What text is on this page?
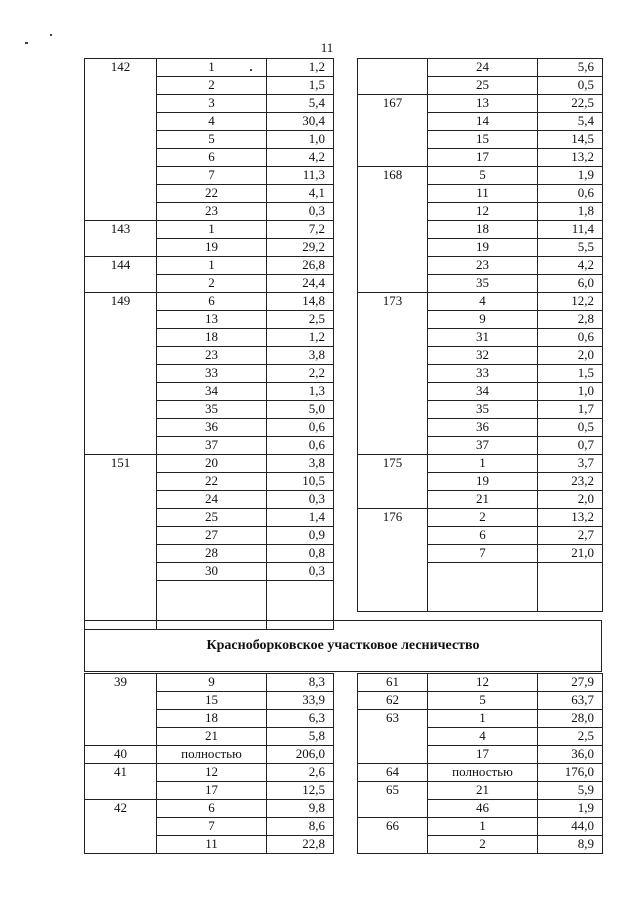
11
142	1	1,2
	2	1,5
	3	5,4
	4	30,4
	5	1,0
	6	4,2
	7	11,3
	22	4,1
	23	0,3
143	1	7,2
	19	29,2
144	1	26,8
	2	24,4
149	6	14,8
	13	2,5
	18	1,2
	23	3,8
	33	2,2
	34	1,3
	35	5,0
	36	0,6
	37	0,6
151	20	3,8
	22	10,5
	24	0,3
	25	1,4
	27	0,9
	28	0,8
	30	0,3

	24	5,6
	25	0,5
167	13	22,5
	14	5,4
	15	14,5
	17	13,2
168	5	1,9
	11	0,6
	12	1,8
	18	11,4
	19	5,5
	23	4,2
	35	6,0
173	4	12,2
	9	2,8
	31	0,6
	32	2,0
	33	1,5
	34	1,0
	35	1,7
	36	0,5
	37	0,7
175	1	3,7
	19	23,2
	21	2,0
176	2	13,2
	6	2,7
	7	21,0

Красноборковское участковое лесничество
39	9	8,3
	15	33,9
	18	6,3
	21	5,8
40	полностью	206,0
41	12	2,6
	17	12,5
42	6	9,8
	7	8,6
	11	22,8
61	12	27,9
62	5	63,7
63	1	28,0
	4	2,5
	17	36,0
64	полностью	176,0
65	21	5,9
	46	1,9
66	1	44,0
	2	8,9
